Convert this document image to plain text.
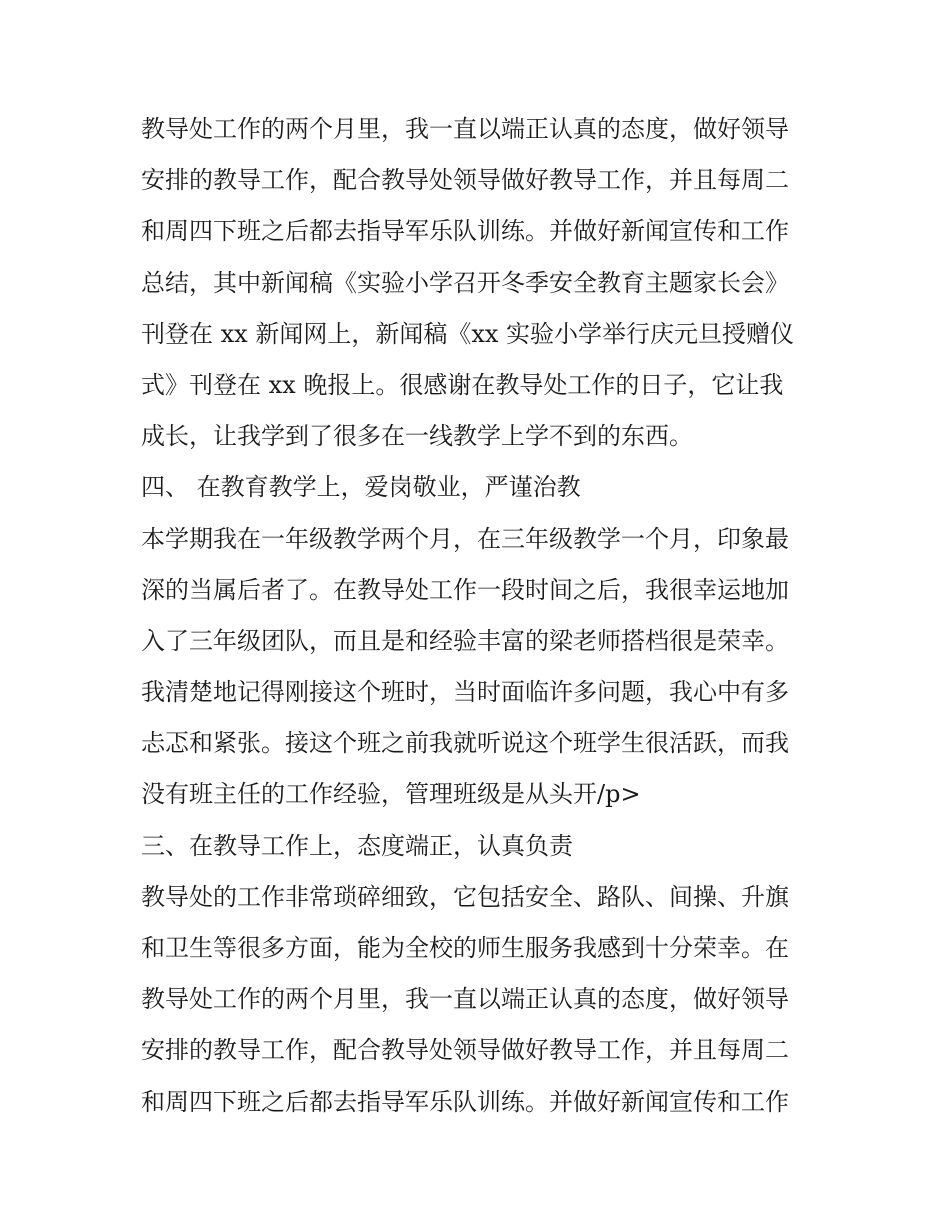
教导处工作的两个月里，我一直以端正认真的态度，做好领导
安排的教导工作，配合教导处领导做好教导工作，并且每周二
和周四下班之后都去指导军乐队训练。并做好新闻宣传和工作
总结，其中新闻稿《实验小学召开冬季安全教育主题家长会》
刊登在 xx 新闻网上，新闻稿《xx 实验小学举行庆元旦授赠仪
式》刊登在 xx 晚报上。很感谢在教导处工作的日子，它让我
成长，让我学到了很多在一线教学上学不到的东西。
四、 在教育教学上，爱岗敬业，严谨治教
本学期我在一年级教学两个月，在三年级教学一个月，印象最
深的当属后者了。在教导处工作一段时间之后，我很幸运地加
入了三年级团队，而且是和经验丰富的梁老师搭档很是荣幸。
我清楚地记得刚接这个班时，当时面临许多问题，我心中有多
忐忑和紧张。接这个班之前我就听说这个班学生很活跃，而我
没有班主任的工作经验，管理班级是从头开/p>
三、在教导工作上，态度端正，认真负责
教导处的工作非常琐碎细致，它包括安全、路队、间操、升旗
和卫生等很多方面，能为全校的师生服务我感到十分荣幸。在
教导处工作的两个月里，我一直以端正认真的态度，做好领导
安排的教导工作，配合教导处领导做好教导工作，并且每周二
和周四下班之后都去指导军乐队训练。并做好新闻宣传和工作
